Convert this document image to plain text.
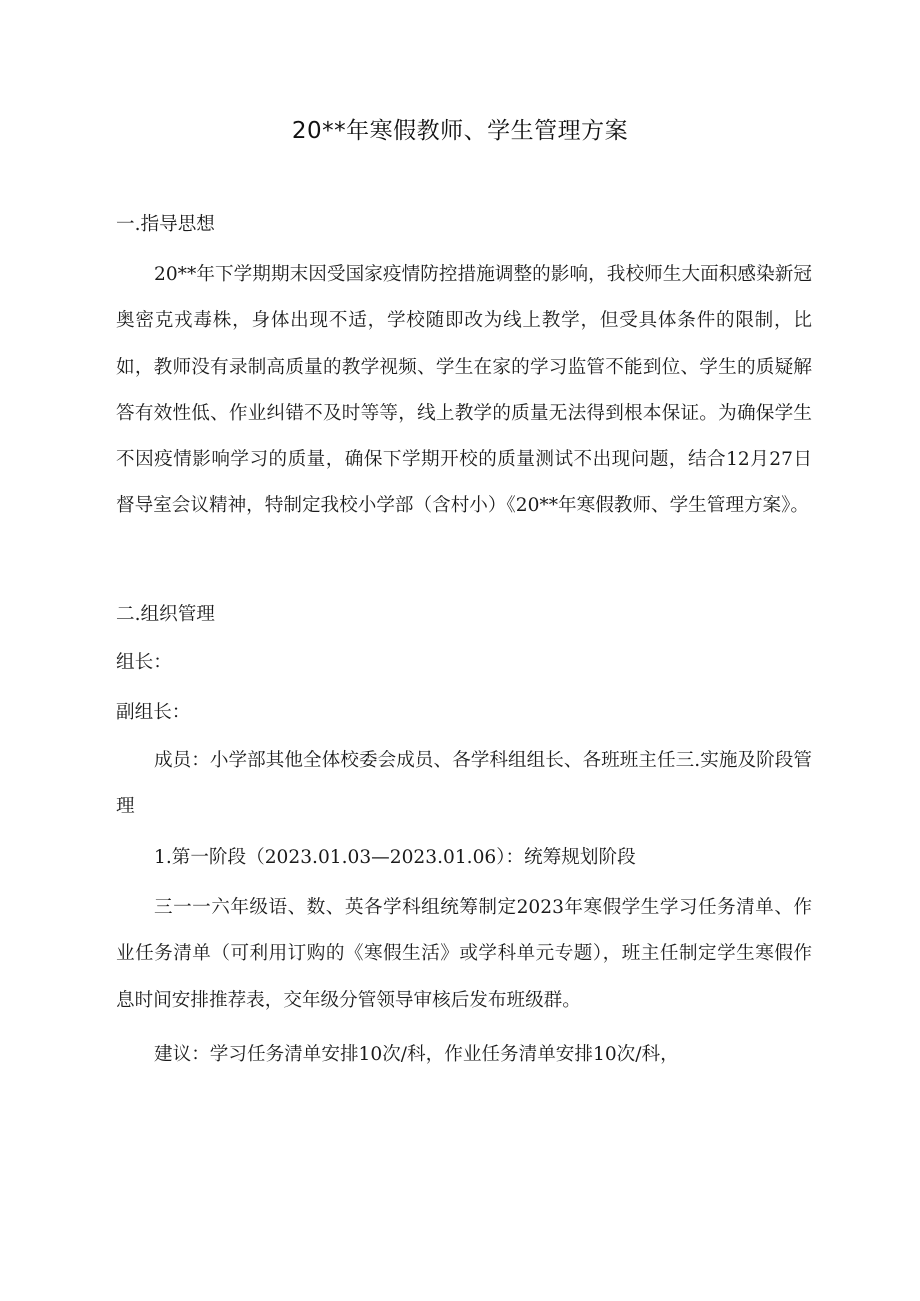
20**年寒假教师、学生管理方案
一.指导思想
20**年下学期期末因受国家疫情防控措施调整的影响，我校师生大面积感染新冠奥密克戎毒株，身体出现不适，学校随即改为线上教学，但受具体条件的限制，比如，教师没有录制高质量的教学视频、学生在家的学习监管不能到位、学生的质疑解答有效性低、作业纠错不及时等等，线上教学的质量无法得到根本保证。为确保学生不因疫情影响学习的质量，确保下学期开校的质量测试不出现问题，结合12月27日督导室会议精神，特制定我校小学部（含村小）《20**年寒假教师、学生管理方案》。
二.组织管理
组长：
副组长：
成员：小学部其他全体校委会成员、各学科组组长、各班班主任三.实施及阶段管理
1.第一阶段（2023.01.03—2023.01.06）：统筹规划阶段
三一一六年级语、数、英各学科组统筹制定2023年寒假学生学习任务清单、作业任务清单（可利用订购的《寒假生活》或学科单元专题），班主任制定学生寒假作息时间安排推荐表，交年级分管领导审核后发布班级群。
建议：学习任务清单安排10次/科，作业任务清单安排10次/科，
